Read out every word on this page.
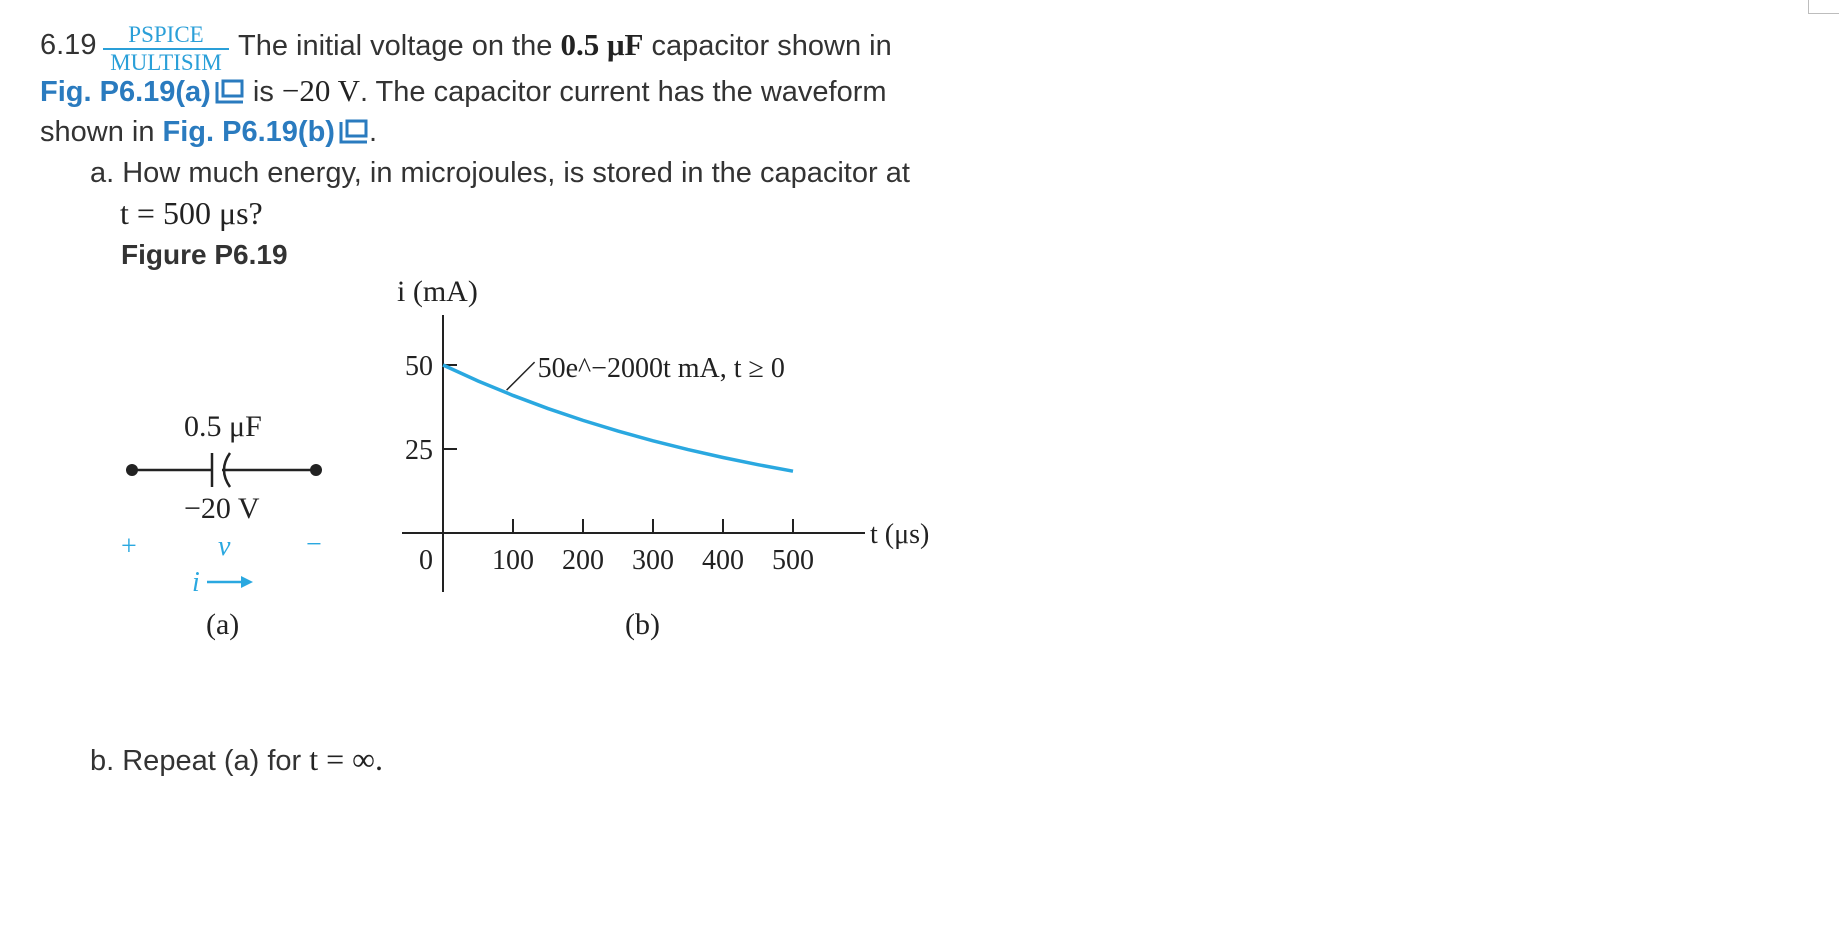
6.19	PSPICE
MULTISIM
The initial voltage on the 0.5 μF capacitor shown in
Fig. P6.19(a) is −20 V. The capacitor current has the waveform
shown in Fig. P6.19(b) .
a. How much energy, in microjoules, is stored in the capacitor at
t = 500 μs?
Figure P6.19
0.5 μF
−20 V
+	v	−
i
(a)
i (mA)
0 100 200 300 400 500
25
50
t (μs)
50e^−2000t mA, t ≥ 0
(b)
b. Repeat (a) for t = ∞.
